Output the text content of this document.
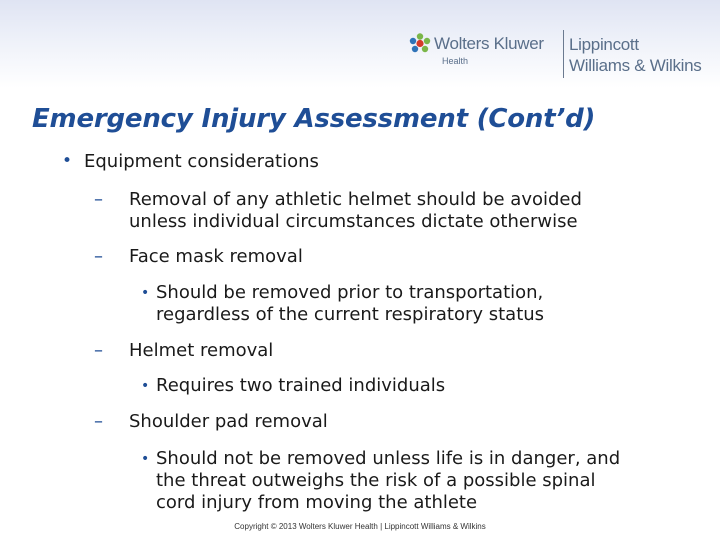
Wolters Kluwer
Health
Lippincott
Williams & Wilkins
Emergency Injury Assessment (Cont’d)
• Equipment considerations
– Removal of any athletic helmet should be avoided
unless individual circumstances dictate otherwise
– Face mask removal
• Should be removed prior to transportation,
regardless of the current respiratory status
– Helmet removal
• Requires two trained individuals
– Shoulder pad removal
• Should not be removed unless life is in danger, and
the threat outweighs the risk of a possible spinal
cord injury from moving the athlete
Copyright © 2013 Wolters Kluwer Health | Lippincott Williams & Wilkins
